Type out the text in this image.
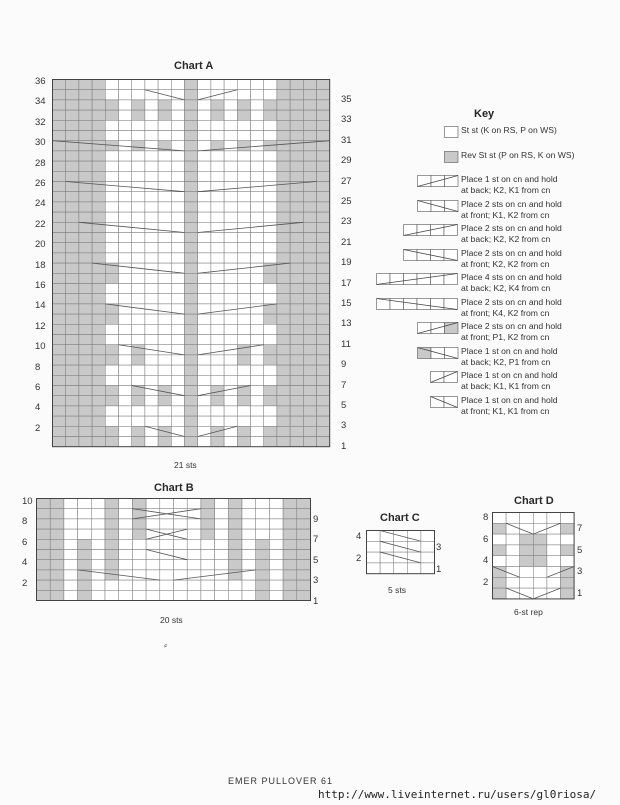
Chart A
36
34
32
30
28
26
24
22
20
18
16
14
12
10
8
6
4
2
35
33
31
29
27
25
23
21
19
17
15
13
11
9
7
5
3
1
21 sts
Chart B
10
8
6
4
2
9
7
5
3
1
20 sts
Chart C
4
2
3
1
5 sts
Chart D
8
6
4
2
7
5
3
1
6-st rep
Key
St st (K on RS, P on WS)
Rev St st (P on RS, K on WS)
Place 1 st on cn and hold
at back; K2, K1 from cn
Place 2 sts on cn and hold
at front; K1, K2 from cn
Place 2 sts on cn and hold
at back; K2, K2 from cn
Place 2 sts on cn and hold
at front; K2, K2 from cn
Place 4 sts on cn and hold
at back; K2, K4 from cn
Place 2 sts on cn and hold
at front; K4, K2 from cn
Place 2 sts on cn and hold
at front; P1, K2 from cn
Place 1 st on cn and hold
at back; K2, P1 from cn
Place 1 st on cn and hold
at back; K1, K1 from cn
Place 1 st on cn and hold
at front; K1, K1 from cn
⸗
EMER PULLOVER 61
http://www.liveinternet.ru/users/gl0riosa/
